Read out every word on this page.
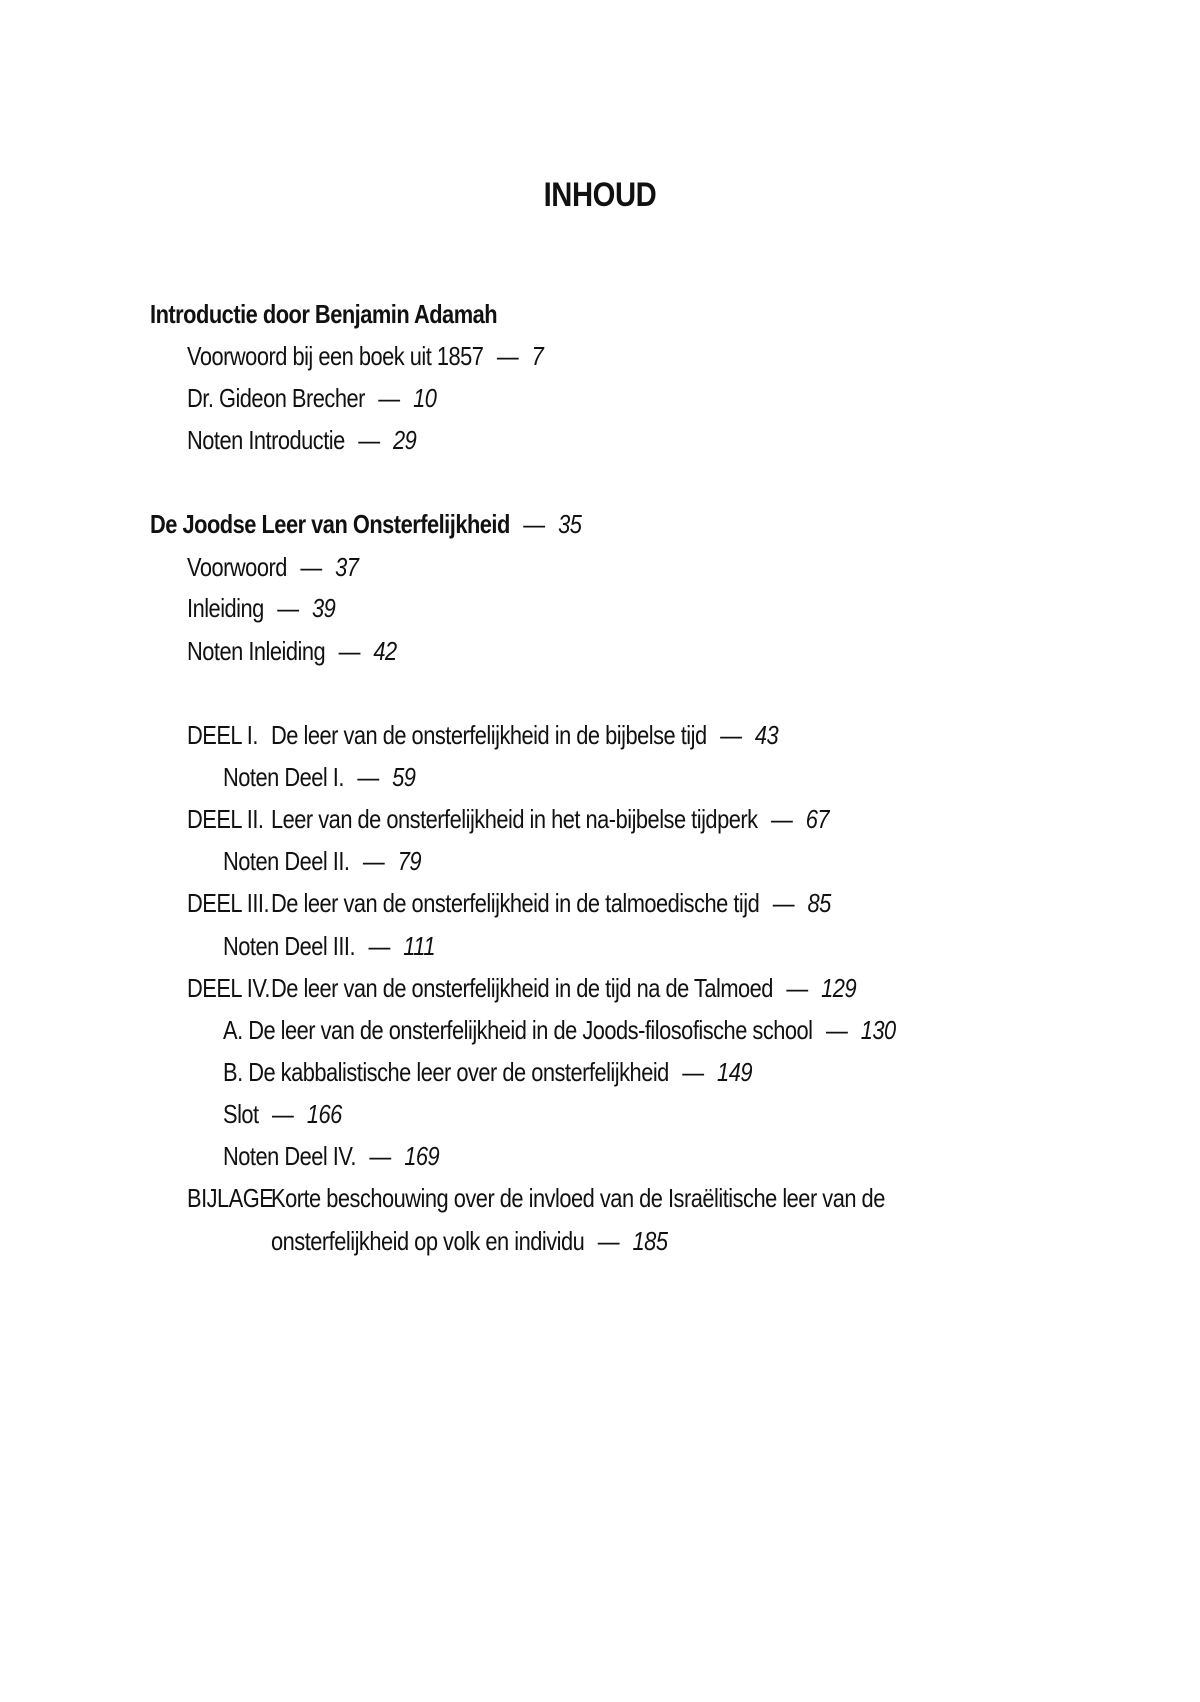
INHOUD
Introductie door Benjamin Adamah
Voorwoord bij een boek uit 1857 — 7
Dr. Gideon Brecher — 10
Noten Introductie — 29
De Joodse Leer van Onsterfelijkheid — 35
Voorwoord — 37
Inleiding — 39
Noten Inleiding — 42
DEEL I. De leer van de onsterfelijkheid in de bijbelse tijd — 43
Noten Deel I. — 59
DEEL II. Leer van de onsterfelijkheid in het na-bijbelse tijdperk — 67
Noten Deel II. — 79
DEEL III.De leer van de onsterfelijkheid in de talmoedische tijd — 85
Noten Deel III. — 111
DEEL IV.De leer van de onsterfelijkheid in de tijd na de Talmoed — 129
A. De leer van de onsterfelijkheid in de Joods-filosofische school — 130
B. De kabbalistische leer over de onsterfelijkheid — 149
Slot — 166
Noten Deel IV. — 169
BIJLAGEKorte beschouwing over de invloed van de Israëlitische leer van de
onsterfelijkheid op volk en individu — 185
